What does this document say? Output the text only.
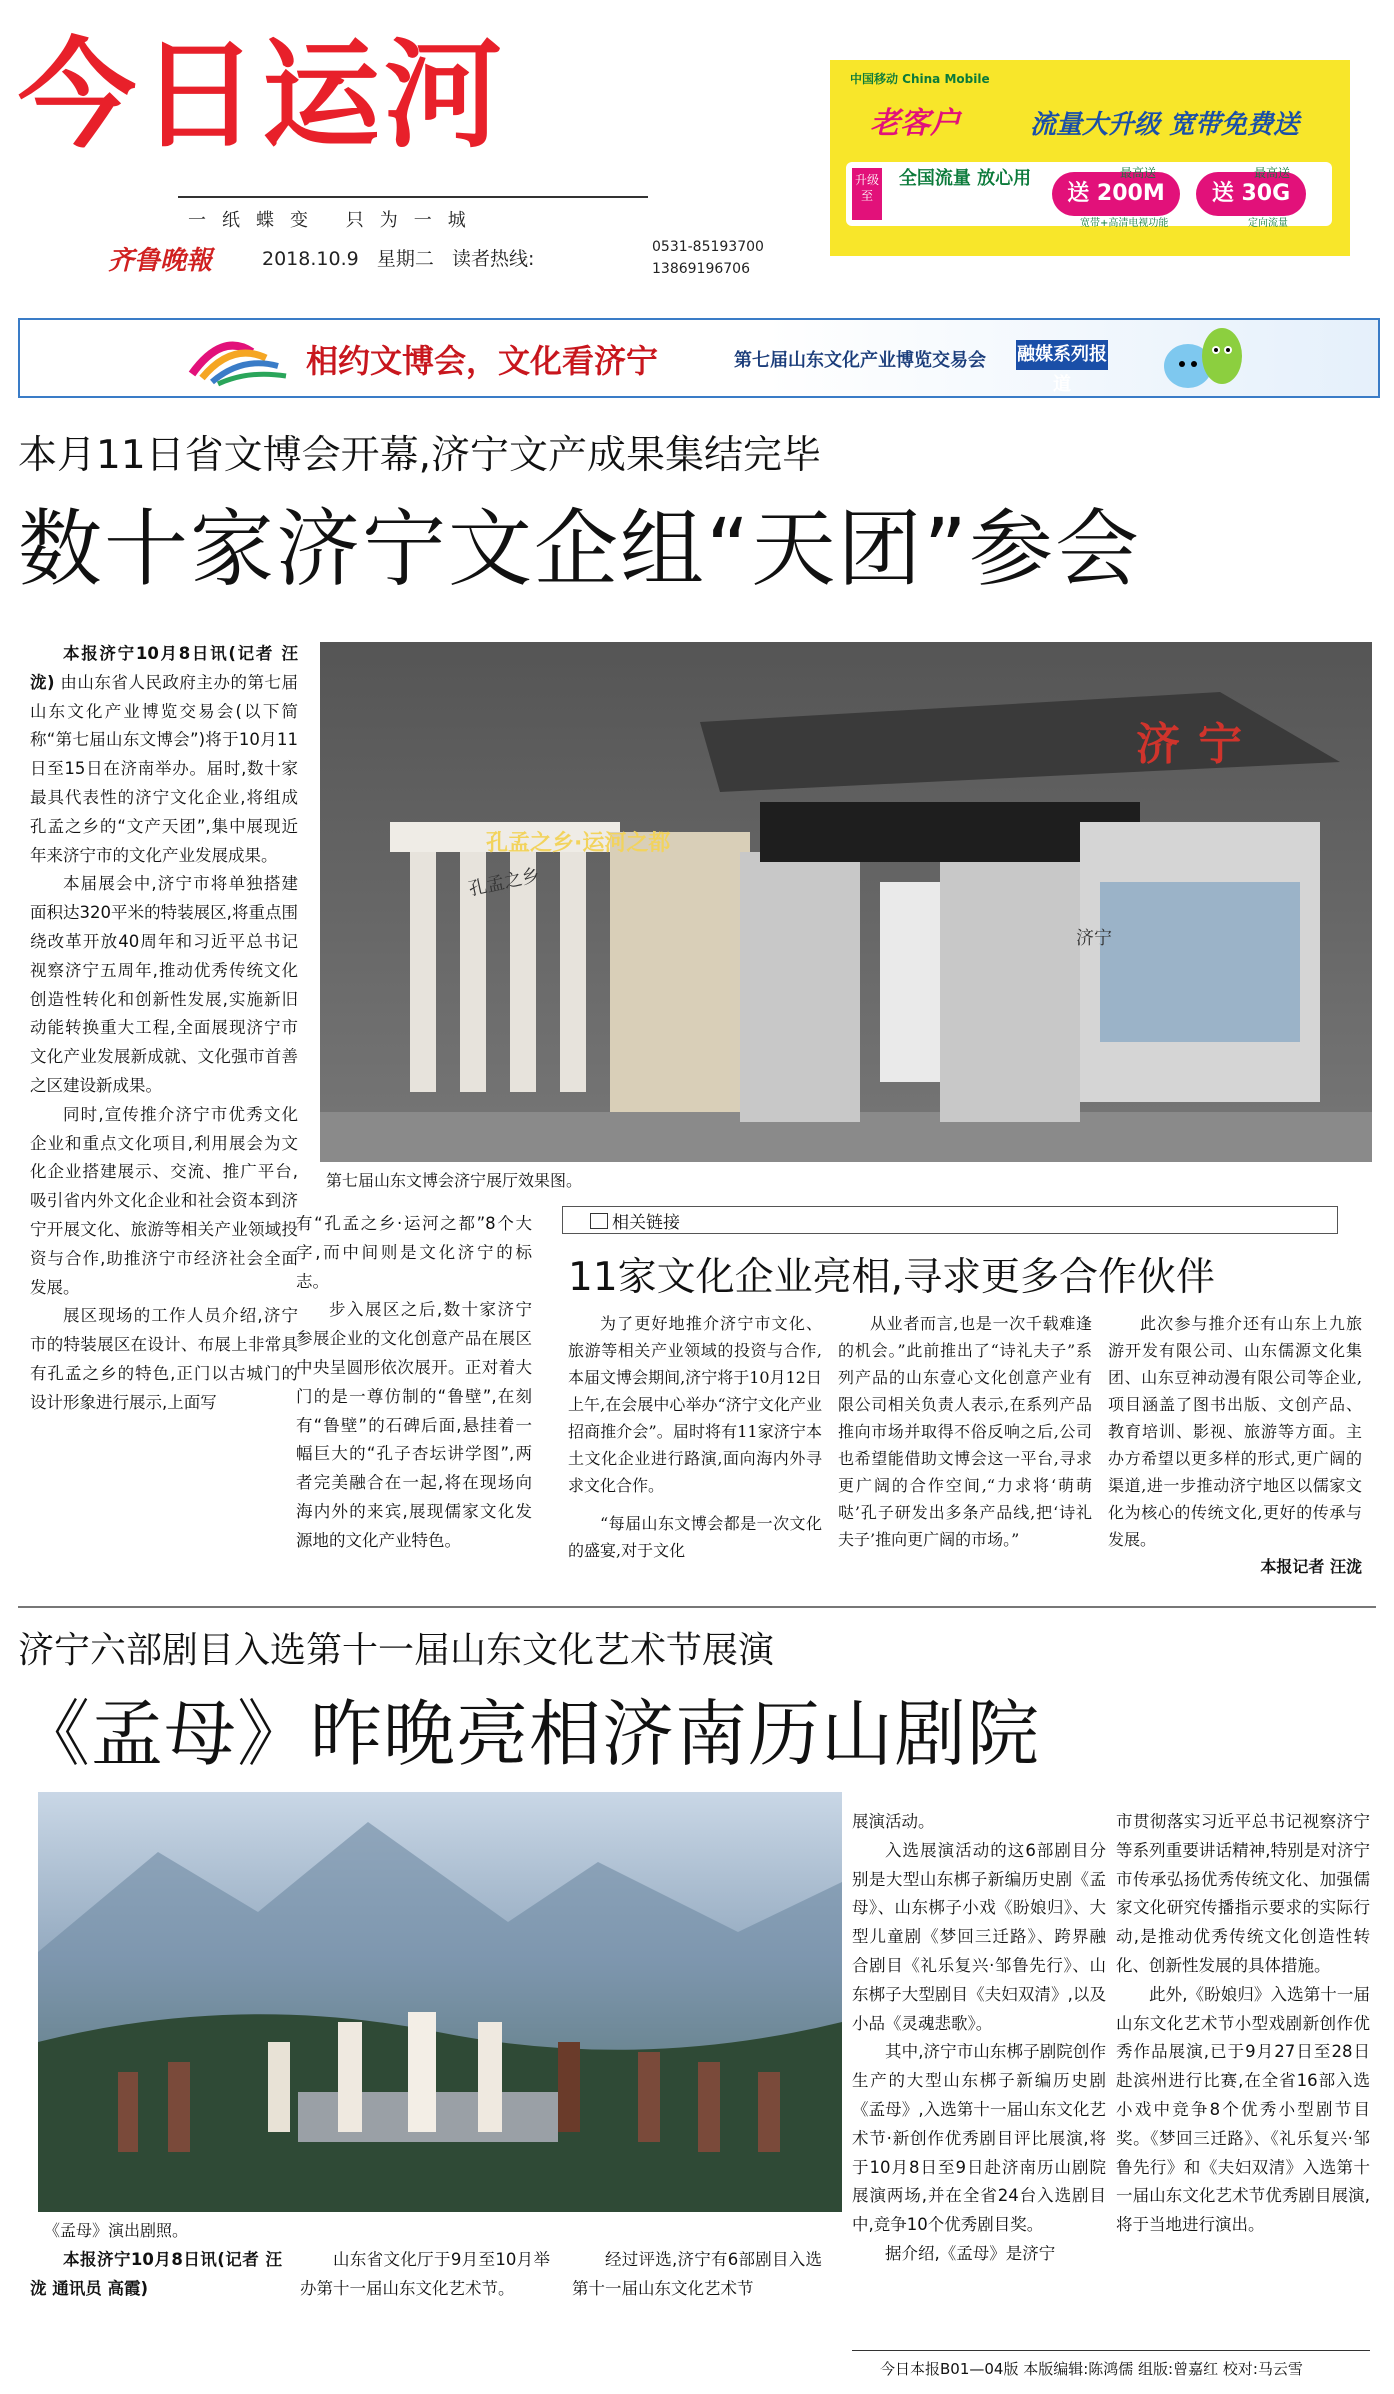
今日运河
一纸蝶变 只为一城
齐鲁晚報	2018.10.9 星期二 读者热线:
0531-85193700
13869196706
中国移动 China Mobile
老客户	流量大升级 宽带免费送
升级至
全国流量 放心用
送 200M
最高送
宽带+高清电视功能
送 30G
最高送
定向流量
相约文博会，文化看济宁	第七届山东文化产业博览交易会 融媒系列报道
本月11日省文博会开幕,济宁文产成果集结完毕
数十家济宁文企组“天团”参会

本报济宁10月8日讯(记者 汪泷) 由山东省人民政府主办的第七届山东文化产业博览交易会(以下简称“第七届山东文博会”)将于10月11日至15日在济南举办。届时,数十家最具代表性的济宁文化企业,将组成孔孟之乡的“文产天团”,集中展现近年来济宁市的文化产业发展成果。

本届展会中,济宁市将单独搭建面积达320平米的特装展区,将重点围绕改革开放40周年和习近平总书记视察济宁五周年,推动优秀传统文化创造性转化和创新性发展,实施新旧动能转换重大工程,全面展现济宁市文化产业发展新成就、文化强市首善之区建设新成果。

同时,宣传推介济宁市优秀文化企业和重点文化项目,利用展会为文化企业搭建展示、交流、推广平台,吸引省内外文化企业和社会资本到济宁开展文化、旅游等相关产业领域投资与合作,助推济宁市经济社会全面发展。

展区现场的工作人员介绍,济宁市的特装展区在设计、布展上非常具有孔孟之乡的特色,正门以古城门的设计形象进行展示,上面写

孔孟之乡·运河之都
孔孟之乡
济宁
济宁
第七届山东文博会济宁展厅效果图。

有“孔孟之乡·运河之都”8个大字,而中间则是文化济宁的标志。

步入展区之后,数十家济宁参展企业的文化创意产品在展区中央呈圆形依次展开。正对着大门的是一尊仿制的“鲁壁”,在刻有“鲁壁”的石碑后面,悬挂着一幅巨大的“孔子杏坛讲学图”,两者完美融合在一起,将在现场向海内外的来宾,展现儒家文化发源地的文化产业特色。

相关链接
11家文化企业亮相,寻求更多合作伙伴

为了更好地推介济宁市文化、旅游等相关产业领域的投资与合作,本届文博会期间,济宁将于10月12日上午,在会展中心举办“济宁文化产业招商推介会”。届时将有11家济宁本土文化企业进行路演,面向海内外寻求文化合作。

“每届山东文博会都是一次文化的盛宴,对于文化

从业者而言,也是一次千载难逢的机会。”此前推出了“诗礼夫子”系列产品的山东壹心文化创意产业有限公司相关负责人表示,在系列产品推向市场并取得不俗反响之后,公司也希望能借助文博会这一平台,寻求更广阔的合作空间,“力求将‘萌萌哒’孔子研发出多条产品线,把‘诗礼夫子’推向更广阔的市场。”

此次参与推介还有山东上九旅游开发有限公司、山东儒源文化集团、山东豆神动漫有限公司等企业,项目涵盖了图书出版、文创产品、教育培训、影视、旅游等方面。主办方希望以更多样的形式,更广阔的渠道,进一步推动济宁地区以儒家文化为核心的传统文化,更好的传承与发展。

本报记者 汪泷

济宁六部剧目入选第十一届山东文化艺术节展演
《孟母》昨晚亮相济南历山剧院
《孟母》演出剧照。

本报济宁10月8日讯(记者 汪泷 通讯员 高霞)

山东省文化厅于9月至10月举办第十一届山东文化艺术节。

经过评选,济宁有6部剧目入选第十一届山东文化艺术节

展演活动。

入选展演活动的这6部剧目分别是大型山东梆子新编历史剧《孟母》、山东梆子小戏《盼娘归》、大型儿童剧《梦回三迁路》、跨界融合剧目《礼乐复兴·邹鲁先行》、山东梆子大型剧目《夫妇双清》,以及小品《灵魂悲歌》。

其中,济宁市山东梆子剧院创作生产的大型山东梆子新编历史剧《孟母》,入选第十一届山东文化艺术节·新创作优秀剧目评比展演,将于10月8日至9日赴济南历山剧院展演两场,并在全省24台入选剧目中,竞争10个优秀剧目奖。

据介绍,《孟母》是济宁

市贯彻落实习近平总书记视察济宁等系列重要讲话精神,特别是对济宁市传承弘扬优秀传统文化、加强儒家文化研究传播指示要求的实际行动,是推动优秀传统文化创造性转化、创新性发展的具体措施。

此外,《盼娘归》入选第十一届山东文化艺术节小型戏剧新创作优秀作品展演,已于9月27日至28日赴滨州进行比赛,在全省16部入选小戏中竞争8个优秀小型剧节目奖。《梦回三迁路》、《礼乐复兴·邹鲁先行》和《夫妇双清》入选第十一届山东文化艺术节优秀剧目展演,将于当地进行演出。

今日本报B01—04版 本版编辑:陈鸿儒 组版:曾嘉红 校对:马云雪
